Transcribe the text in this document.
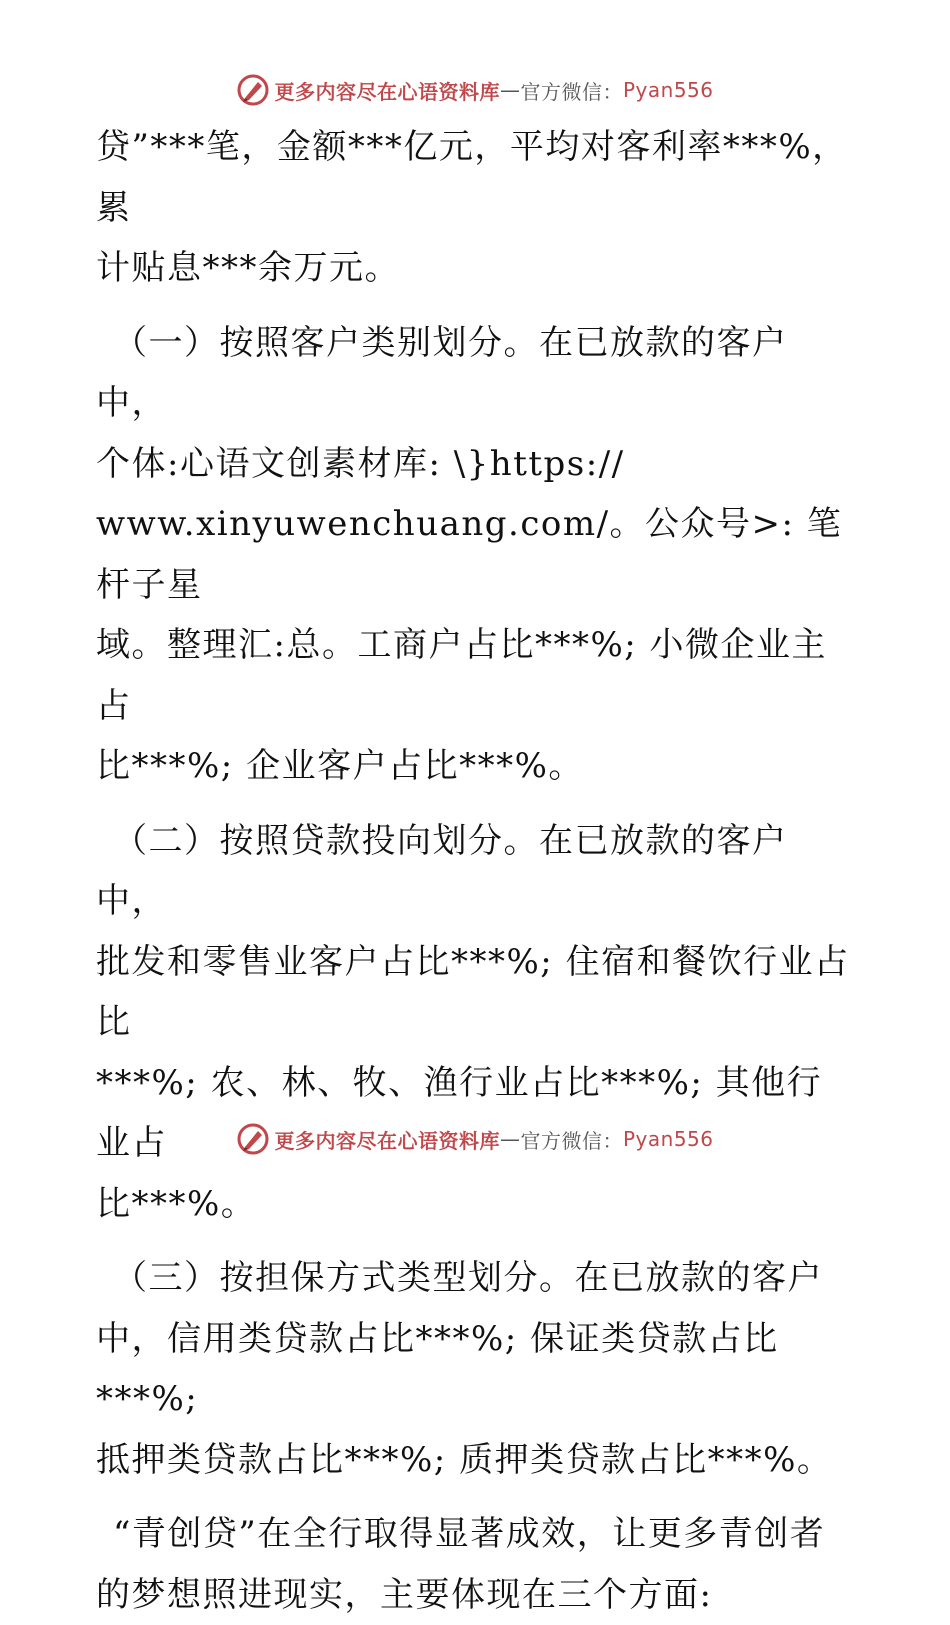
更多内容尽在心语资料库 — 官方微信： Pyan556

贷”***笔，金额***亿元，平均对客利率***%，累
计贴息***余万元。

（一）按照客户类别划分。在已放款的客户中，
个体:心语文创素材库: \}https://
www.xinyuwenchuang.com/。公众号>: 笔杆子星
域。整理汇:总。工商户占比***%; 小微企业主占
比***%; 企业客户占比***%。

（二）按照贷款投向划分。在已放款的客户中，
批发和零售业客户占比***%; 住宿和餐饮行业占比
***%; 农、林、牧、渔行业占比***%; 其他行业占
比***%。

（三）按担保方式类型划分。在已放款的客户
中，信用类贷款占比***%; 保证类贷款占比***%;
抵押类贷款占比***%; 质押类贷款占比***%。

“青创贷”在全行取得显著成效，让更多青创者
的梦想照进现实，主要体现在三个方面:

更多内容尽在心语资料库 — 官方微信： Pyan556
